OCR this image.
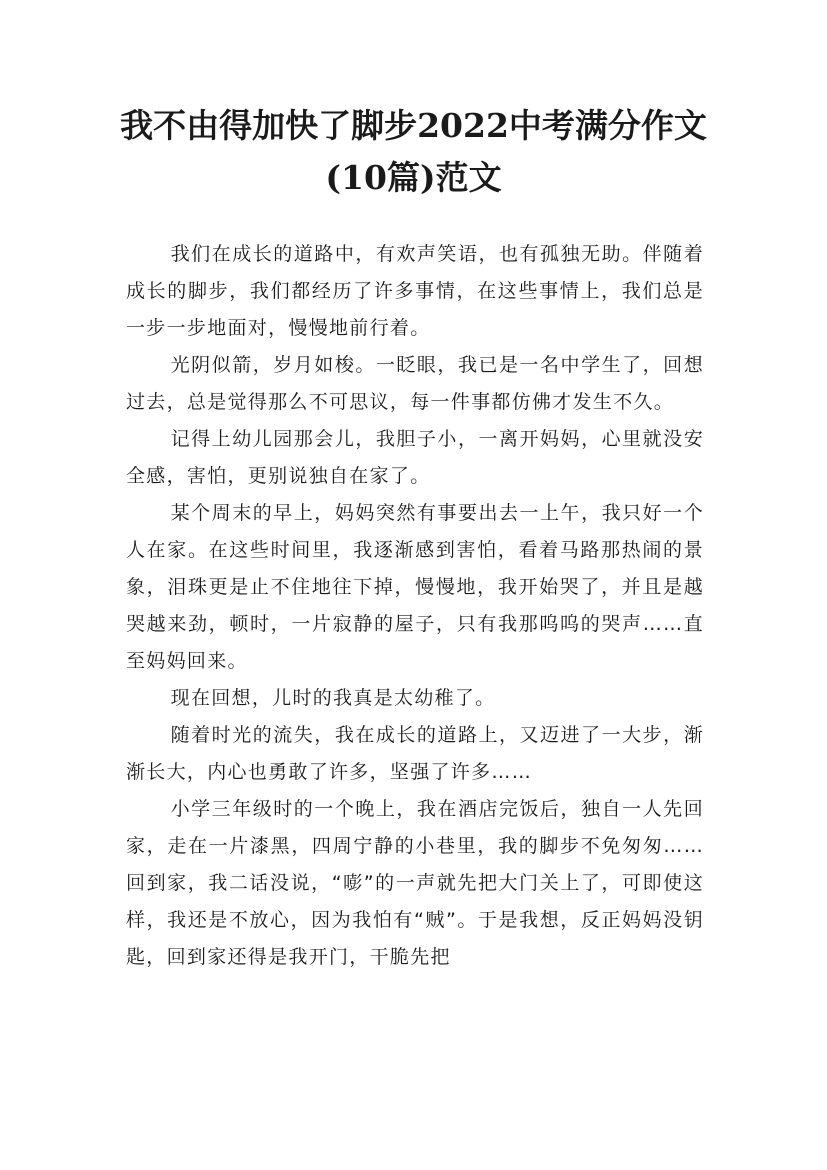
我不由得加快了脚步2022中考满分作文(10篇)范文

我们在成长的道路中，有欢声笑语，也有孤独无助。伴随着成长的脚步，我们都经历了许多事情，在这些事情上，我们总是一步一步地面对，慢慢地前行着。

光阴似箭，岁月如梭。一眨眼，我已是一名中学生了，回想过去，总是觉得那么不可思议，每一件事都仿佛才发生不久。

记得上幼儿园那会儿，我胆子小，一离开妈妈，心里就没安全感，害怕，更别说独自在家了。

某个周末的早上，妈妈突然有事要出去一上午，我只好一个人在家。在这些时间里，我逐渐感到害怕，看着马路那热闹的景象，泪珠更是止不住地往下掉，慢慢地，我开始哭了，并且是越哭越来劲，顿时，一片寂静的屋子，只有我那呜呜的哭声……直至妈妈回来。

现在回想，儿时的我真是太幼稚了。

随着时光的流失，我在成长的道路上，又迈进了一大步，渐渐长大，内心也勇敢了许多，坚强了许多……

小学三年级时的一个晚上，我在酒店完饭后，独自一人先回家，走在一片漆黑，四周宁静的小巷里，我的脚步不免匆匆……回到家，我二话没说，“嘭”的一声就先把大门关上了，可即使这样，我还是不放心，因为我怕有“贼”。于是我想，反正妈妈没钥匙，回到家还得是我开门，干脆先把
